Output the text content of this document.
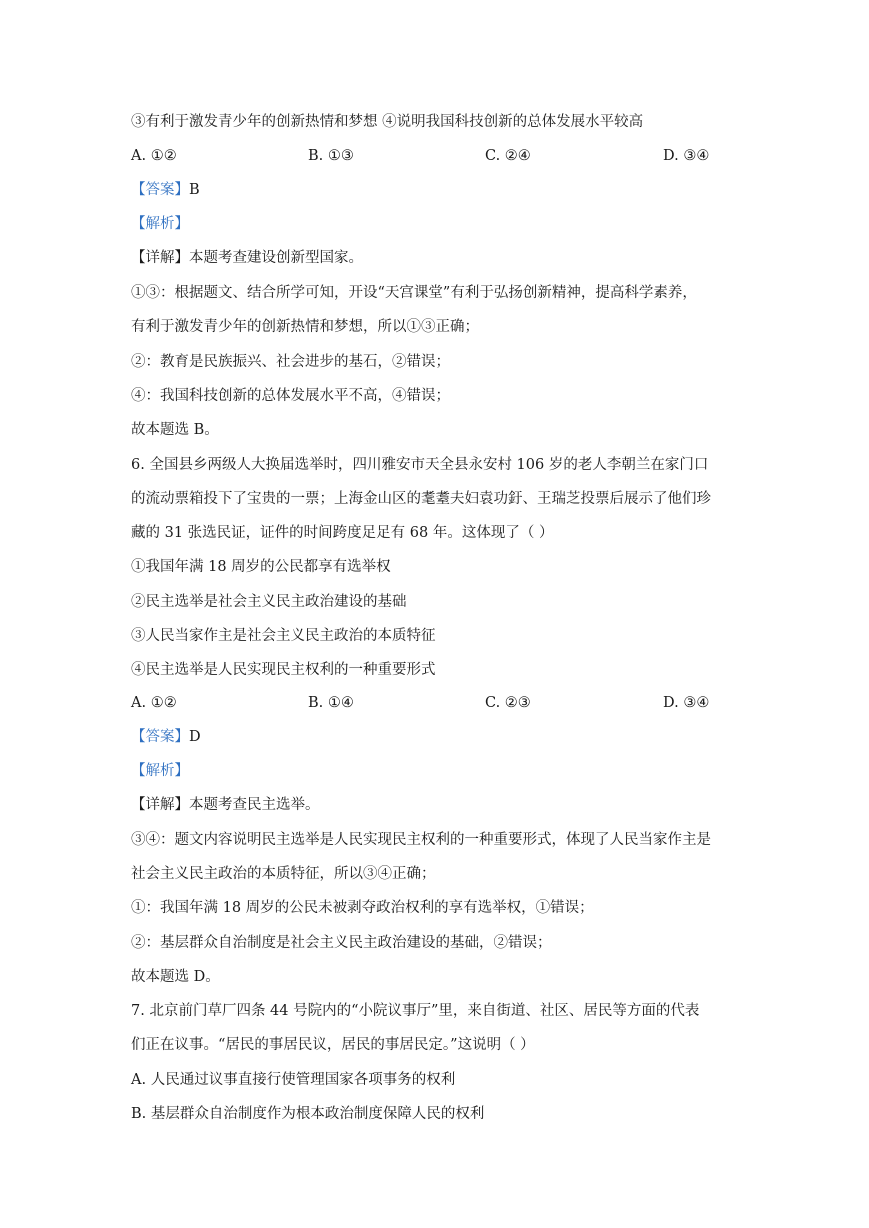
③有利于激发青少年的创新热情和梦想 ④说明我国科技创新的总体发展水平较高
A. ①②	B. ①③	C. ②④	D. ③④
【答案】B
【解析】
【详解】本题考查建设创新型国家。
①③：根据题文、结合所学可知，开设“天宫课堂”有利于弘扬创新精神，提高科学素养，
有利于激发青少年的创新热情和梦想，所以①③正确；
②：教育是民族振兴、社会进步的基石，②错误；
④：我国科技创新的总体发展水平不高，④错误；
故本题选 B。
6. 全国县乡两级人大换届选举时，四川雅安市天全县永安村 106 岁的老人李朝兰在家门口
的流动票箱投下了宝贵的一票；上海金山区的耄耋夫妇袁功釪、王瑞芝投票后展示了他们珍
藏的 31 张选民证，证件的时间跨度足足有 68 年。这体现了（ ）
①我国年满 18 周岁的公民都享有选举权
②民主选举是社会主义民主政治建设的基础
③人民当家作主是社会主义民主政治的本质特征
④民主选举是人民实现民主权利的一种重要形式
A. ①②	B. ①④	C. ②③	D. ③④
【答案】D
【解析】
【详解】本题考查民主选举。
③④：题文内容说明民主选举是人民实现民主权利的一种重要形式，体现了人民当家作主是
社会主义民主政治的本质特征，所以③④正确；
①：我国年满 18 周岁的公民未被剥夺政治权利的享有选举权，①错误；
②：基层群众自治制度是社会主义民主政治建设的基础，②错误；
故本题选 D。
7. 北京前门草厂四条 44 号院内的“小院议事厅”里，来自街道、社区、居民等方面的代表
们正在议事。“居民的事居民议，居民的事居民定。”这说明（ ）
A. 人民通过议事直接行使管理国家各项事务的权利
B. 基层群众自治制度作为根本政治制度保障人民的权利
